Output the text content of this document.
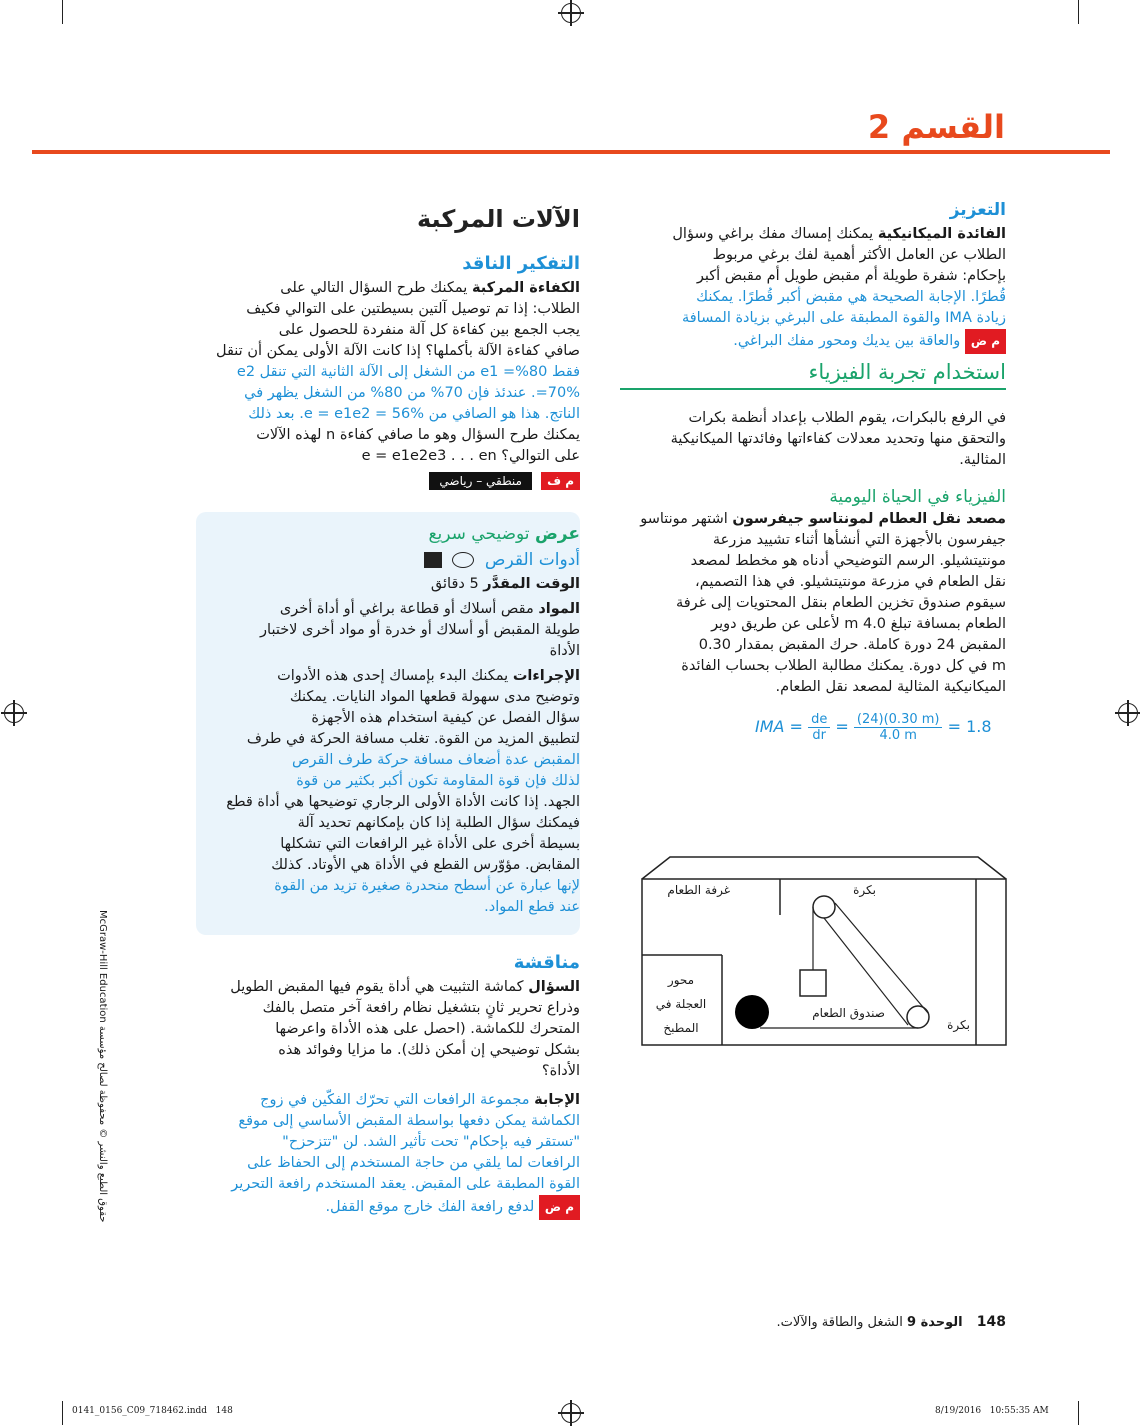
القسم 2
التعزيز
الفائدة الميكانيكية يمكنك إمساك مفك براغي وسؤال
الطلاب عن العامل الأكثر أهمية لفك برغي مربوط
بإحكام: شفرة طويلة أم مقبض طويل أم مقبض أكبر
قُطرًا. الإجابة الصحيحة هي مقبض أكبر قُطرًا. يمكنك
زيادة IMA والقوة المطبقة على البرغي بزيادة المسافة
م ض والعاقة بين يديك ومحور مفك البراغي.
استخدام تجربة الفيزياء
في الرفع بالبكرات، يقوم الطلاب بإعداد أنظمة بكرات
والتحقق منها وتحديد معدلات كفاءاتها وفائدتها الميكانيكية
المثالية.
الفيزياء في الحياة اليومية
مصعد نقل العطام لمونتاسو جيفرسون اشتهر مونتاسو
جيفرسون بالأجهزة التي أنشأها أثناء تشييد مزرعة
مونتيتشيلو. الرسم التوضيحي أدناه هو مخطط لمصعد
نقل الطعام في مزرعة مونتيتشيلو. في هذا التصميم،
سيقوم صندوق تخزين الطعام بنقل المحتويات إلى غرفة
الطعام بمسافة تبلغ 4.0 m لأعلى عن طريق دوير
المقبض 24 دورة كاملة. حرك المقبض بمقدار 0.30
m في كل دورة. يمكنك مطالبة الطلاب بحساب الفائدة
الميكانيكية المثالية لمصعد نقل الطعام.
IMA = $\frac{de}{dr} = \frac{(24)(0.30 m)}{4.0 m} = 1.8$
غرفة الطعام	بكرة
محور
العجلة في
المطبخ
صندوق الطعام
بكرة
الآلات المركبة
التفكير الناقد
الكفاءة المركبة يمكنك طرح السؤال التالي على
الطلاب: إذا تم توصيل آلتين بسيطتين على التوالي فكيف
يجب الجمع بين كفاءة كل آلة منفردة للحصول على
صافي كفاءة الآلة بأكملها؟ إذا كانت الآلة الأولى يمكن أن تنقل
فقط 80%= e1 من الشغل إلى الآلة الثانية التي تنقل e2
70%=. عندئذ فإن 70% من 80% من الشغل يظهر في
الناتج. هذا هو الصافي من e = e1e2 = 56%. بعد ذلك
يمكنك طرح السؤال وهو ما صافي كفاءة n لهذه الآلات
على التوالي؟ e = e1e2e3 . . . en
م ف منطقي – رياضي
عرض توضيحي سريع
أدوات القرص
الوقت المقدَّر 5 دقائق
المواد مقص أسلاك أو قطاعة براغي أو أداة أخرى
طويلة المقبض أو أسلاك أو خدرة أو مواد أخرى لاختبار
الأداة
الإجراءات يمكنك البدء بإمساك إحدى هذه الأدوات
وتوضيح مدى سهولة قطعها المواد النايات. يمكنك
سؤال الفصل عن كيفية استخدام هذه الأجهزة
لتطبيق المزيد من القوة. تغلب مسافة الحركة في طرف
المقبض عدة أضعاف مسافة حركة طرف القرص
لذلك فإن قوة المقاومة تكون أكبر بكثير من قوة
الجهد. إذا كانت الأداة الأولى الرجاري توضيحها هي أداة قطع
فيمكنك سؤال الطلبة إذا كان بإمكانهم تحديد آلة
بسيطة أخرى على الأداة غير الرافعات التي تشكلها
المقابض. مؤوّرس القطع في الأداة هي الأوتاد. كذلك
لإنها عبارة عن أسطح منحدرة صغيرة تزيد من القوة
عند قطع المواد.
مناقشة
السؤال كماشة التثبيت هي أداة يقوم فيها المقبض الطويل
وذراع تحرير ثانٍ بتشغيل نظام رافعة آخر متصل بالفك
المتحرك للكماشة. (احصل على هذه الأداة واعرضها
بشكل توضيحي إن أمكن ذلك). ما مزايا وفوائد هذه
الأداة؟
الإجابة مجموعة الرافعات التي تحرّك الفكّين في زوج
الكماشة يمكن دفعها بواسطة المقبض الأساسي إلى موقع
"تستقر فيه بإحكام" تحت تأثير الشد. لن "تتزحزح"
الرافعات لما يلقي من حاجة المستخدم إلى الحفاظ على
القوة المطبقة على المقبض. يعقد المستخدم رافعة التحرير
م ض لدفع رافعة الفك خارج موقع القفل.
McGraw-Hill Education حقوق الطبع والنشر © محفوظة لصالح مؤسسة
148 الوحدة 9 الشغل والطاقة والآلات.
0141_0156_C09_718462.indd   148	8/19/2016   10:55:35 AM
